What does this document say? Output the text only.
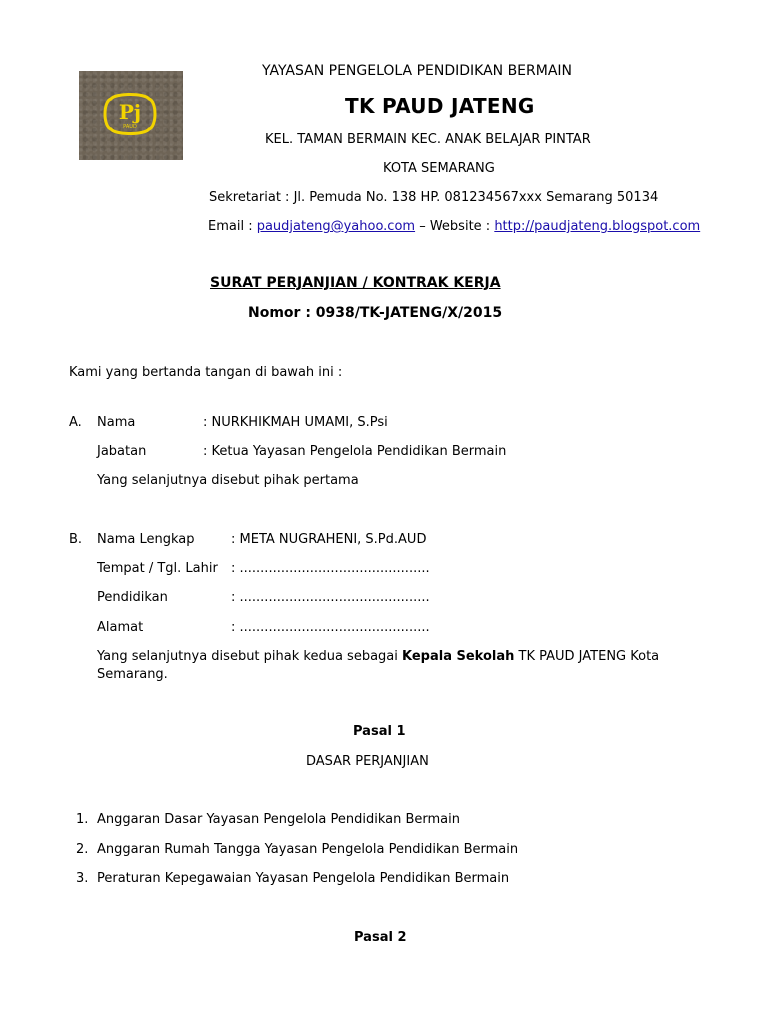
Pj
PAUD
YAYASAN PENGELOLA PENDIDIKAN BERMAIN
TK PAUD JATENG
KEL. TAMAN BERMAIN KEC. ANAK BELAJAR PINTAR
KOTA SEMARANG
Sekretariat : Jl. Pemuda No. 138 HP. 081234567xxx Semarang 50134
Email : paudjateng@yahoo.com – Website : http://paudjateng.blogspot.com
SURAT PERJANJIAN / KONTRAK KERJA
Nomor : 0938/TK-JATENG/X/2015
Kami yang bertanda tangan di bawah ini :
A. Nama	: NURKHIKMAH UMAMI, S.Psi
Jabatan	: Ketua Yayasan Pengelola Pendidikan Bermain
Yang selanjutnya disebut pihak pertama
B. Nama Lengkap	: META NUGRAHENI, S.Pd.AUD
Tempat / Tgl. Lahir : ..............................................
Pendidikan	: ..............................................
Alamat	: ..............................................
Yang selanjutnya disebut pihak kedua sebagai Kepala Sekolah TK PAUD JATENG Kota
Semarang.
Pasal 1
DASAR PERJANJIAN
1. Anggaran Dasar Yayasan Pengelola Pendidikan Bermain
2. Anggaran Rumah Tangga Yayasan Pengelola Pendidikan Bermain
3. Peraturan Kepegawaian Yayasan Pengelola Pendidikan Bermain
Pasal 2
